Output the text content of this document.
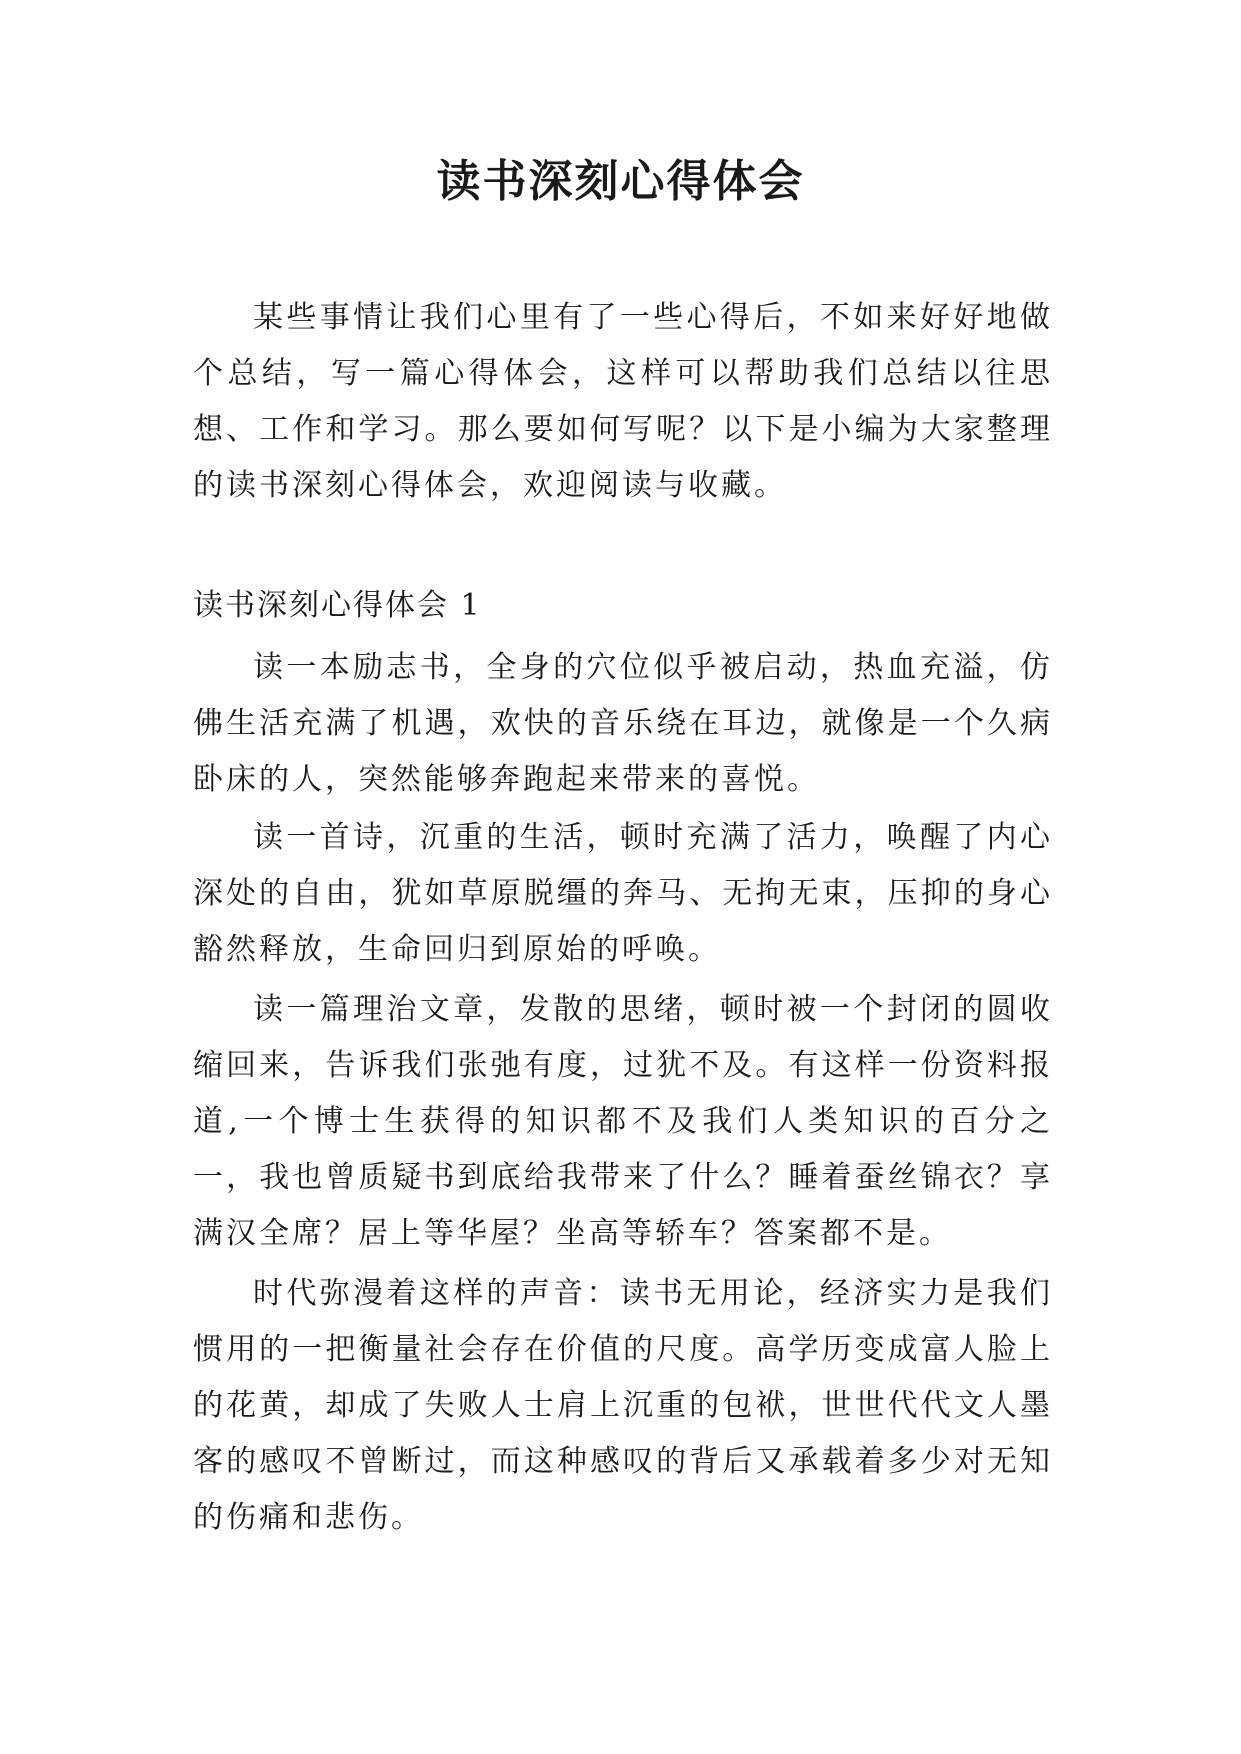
读书深刻心得体会

某些事情让我们心里有了一些心得后，不如来好好地做个总结，写一篇心得体会，这样可以帮助我们总结以往思想、工作和学习。那么要如何写呢？以下是小编为大家整理的读书深刻心得体会，欢迎阅读与收藏。

读书深刻心得体会 1

读一本励志书，全身的穴位似乎被启动，热血充溢，仿佛生活充满了机遇，欢快的音乐绕在耳边，就像是一个久病卧床的人，突然能够奔跑起来带来的喜悦。

读一首诗，沉重的生活，顿时充满了活力，唤醒了内心深处的自由，犹如草原脱缰的奔马、无拘无束，压抑的身心豁然释放，生命回归到原始的呼唤。

读一篇理治文章，发散的思绪，顿时被一个封闭的圆收缩回来，告诉我们张弛有度，过犹不及。有这样一份资料报道,一个博士生获得的知识都不及我们人类知识的百分之一，我也曾质疑书到底给我带来了什么？睡着蚕丝锦衣？享满汉全席？居上等华屋？坐高等轿车？答案都不是。

时代弥漫着这样的声音：读书无用论，经济实力是我们惯用的一把衡量社会存在价值的尺度。高学历变成富人脸上的花黄，却成了失败人士肩上沉重的包袱，世世代代文人墨客的感叹不曾断过，而这种感叹的背后又承载着多少对无知的伤痛和悲伤。
